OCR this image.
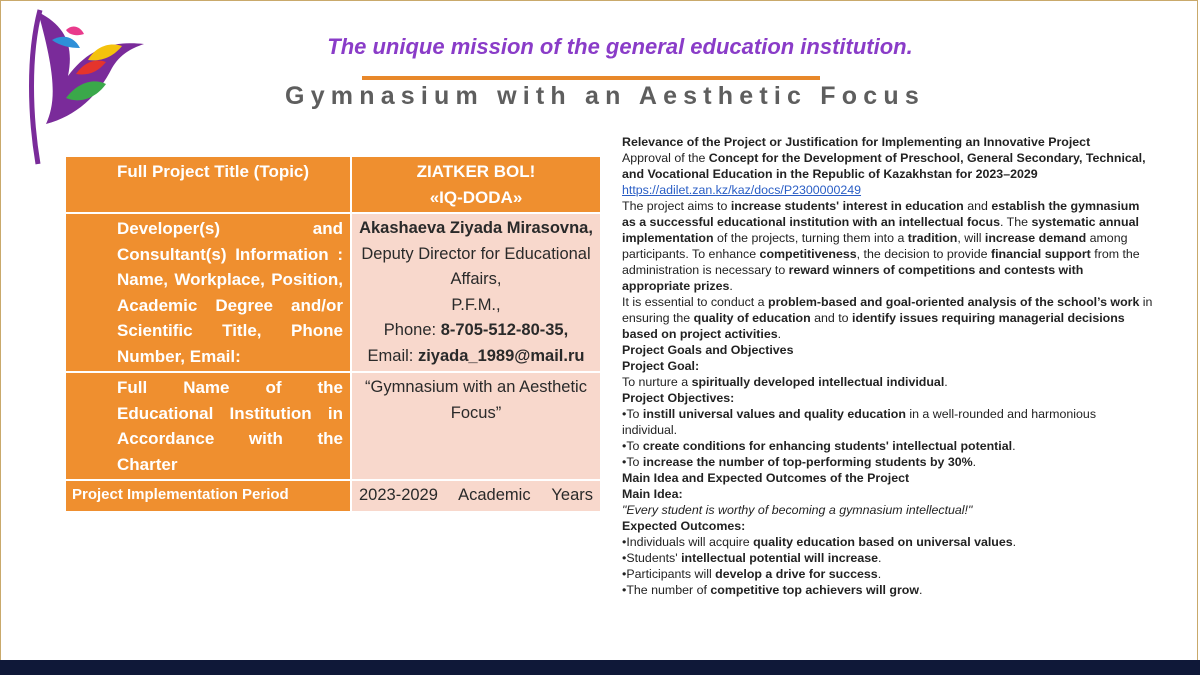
The unique mission of the general education institution.
Gymnasium with an Aesthetic Focus
Full Project Title (Topic)	ZIATKER BOL!
«IQ-DODA»

Developer(s) and Consultant(s) Information : Name, Workplace, Position, Academic Degree and/or Scientific Title, Phone Number, Email:	Akashaeva Ziyada Mirasovna,
Deputy Director for Educational Affairs,
P.F.M.,
Phone: 8-705-512-80-35,
Email: ziyada_1989@mail.ru

Full Name of the Educational Institution in Accordance with the Charter	“Gymnasium with an Aesthetic Focus”
Project Implementation Period	2023-2029 Academic Years

Relevance of the Project or Justification for Implementing an Innovative Project

Approval of the Concept for the Development of Preschool, General Secondary, Technical, and Vocational Education in the Republic of Kazakhstan for 2023–2029

https://adilet.zan.kz/kaz/docs/P2300000249

The project aims to increase students' interest in education and establish the gymnasium as a successful educational institution with an intellectual focus. The systematic annual implementation of the projects, turning them into a tradition, will increase demand among participants. To enhance competitiveness, the decision to provide financial support from the administration is necessary to reward winners of competitions and contests with appropriate prizes.

It is essential to conduct a problem-based and goal-oriented analysis of the school’s work in ensuring the quality of education and to identify issues requiring managerial decisions based on project activities.

Project Goals and Objectives

Project Goal:

To nurture a spiritually developed intellectual individual.

Project Objectives:

•To instill universal values and quality education in a well-rounded and harmonious individual.

•To create conditions for enhancing students' intellectual potential.

•To increase the number of top-performing students by 30%.

Main Idea and Expected Outcomes of the Project

Main Idea:

"Every student is worthy of becoming a gymnasium intellectual!"

Expected Outcomes:

•Individuals will acquire quality education based on universal values.

•Students' intellectual potential will increase.

•Participants will develop a drive for success.

•The number of competitive top achievers will grow.
